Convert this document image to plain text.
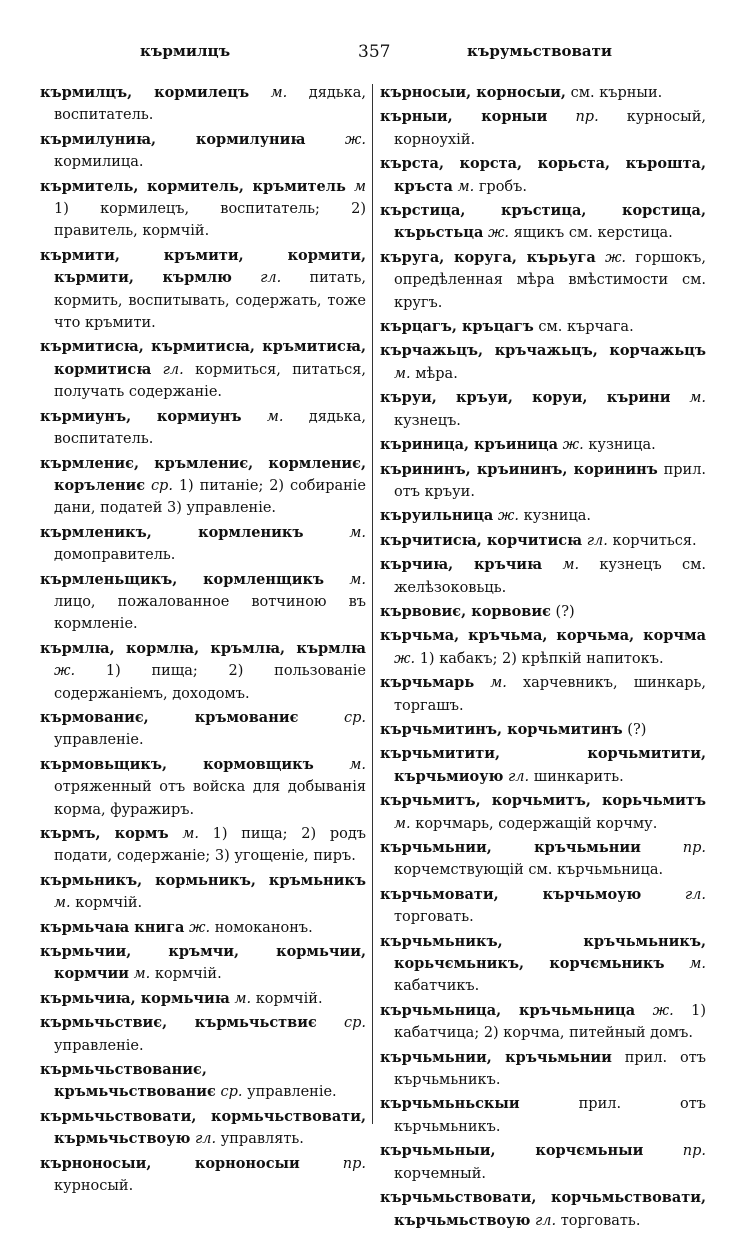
кърмилцъ	357	кърумьствовати
кърмилцъ, кормилецъ м. дядька, воспитатель.
кърмилуниꙗ, кормилуниꙗ	ж. кормилица.
кърмитель, кормитель, кръмитель м 1) кормилецъ, воспитатель; 2) правитель, кормчій.
кърмити, кръмити, кормити, кърмити, кърмлю гл. питать, кормить, воспитывать, содержать, тоже что кръмити.
кърмитисꙗ, кърмитисꙗ, кръмитисꙗ, кормитисꙗ гл. кормиться, питаться, получать содержаніе.
кърмиунъ, кормиунъ м. дядька, воспитатель.
кърмлениє, кръмлениє, кормлениє, корълениє ср. 1) питаніе; 2) собираніе дани, податей 3) управленіе.
кърмленикъ, кормленикъ	м. домоправитель.
кърмленьщикъ, кормленщикъ м. лицо, пожалованное вотчиною въ кормленіе.
кърмлꙗ, кормлꙗ, кръмлꙗ, кърмлꙗ ж. 1) пища; 2) пользованіе содержаніемъ, доходомъ.
кърмованиє, кръмованиє	ср. управленіе.
кърмовьщикъ, кормовщикъ м. отряженный отъ войска для добыванія корма, фуражиръ.
кърмъ, кормъ м. 1) пища; 2) родъ подати, содержаніе; 3) угощеніе, пиръ.
кърмьникъ, кормьникъ, кръмьникъ м. кормчій.
кърмьчаꙗ книга ж. номоканонъ.
кърмьчии, кръмчи, кормьчии, кормчии м. кормчій.
кърмьчиꙗ, кормьчиꙗ м. кормчій.
кърмьчьствиє, кърмьчьствиє ср. управленіе.
кърмьчьствованиє, кръмьчьствованиє ср. управленіе.
кърмьчьствовати, кормьчьствовати, кърмьчьствоую гл. управлять.
кърноносыи, корноносыи	пр. курносый.
кърносыи, корносыи, см. кърныи.
кърныи, корныи пр. курносый, корноухій.
кърста, корста, корьста, кърошта, кръста м. гробъ.
кърстица, кръстица, корстица, кърьстьца ж. ящикъ см. керстица.
къругa, коругa, кърьугa ж. горшокъ, опредѣленная мѣра вмѣстимости см. кругъ.
кърцагъ, кръцагъ см. кърчагa.
кърчажьцъ, кръчажьцъ, корчажьцъ м. мѣра.
къруи, кръуи, коруи, кърини м. кузнецъ.
къриница, кръиница ж. кузница.
кърининъ, кръининъ, корининъ прил. отъ кръуи.
къруильница ж. кузница.
кърчитисꙗ, корчитисꙗ гл. корчиться.
кърчиꙗ, кръчиꙗ м. кузнецъ см. желѣзоковьць.
кървовиє, корвовиє (?)
кърчьма, кръчьма, корчьма, корчма ж. 1) кабакъ; 2) крѣпкій напитокъ.
кърчьмарь м. харчевникъ, шинкарь, торгашъ.
кърчьмитинъ, корчьмитинъ (?)
кърчьмитити, корчьмитити, кърчьмиоую гл. шинкарить.
кърчьмитъ, корчьмитъ, корьчьмитъ м. корчмарь, содержащій корчму.
кърчьмьнии, кръчьмьнии	пр. корчемствующій см. кърчьмьница.
кърчьмовати, кърчьмоую	гл. торговать.
кърчьмьникъ, кръчьмьникъ, корьчємьникъ, корчємьникъ м. кабатчикъ.
кърчьмьница, кръчьмьница ж. 1) кабатчица; 2) корчма, питейный домъ.
кърчьмьнии, кръчьмьнии прил. отъ кърчьмьникъ.
кърчьмьньскыи	прил. отъ кърчьмьникъ.
кърчьмьныи, корчємьныи	пр. корчемный.
кърчьмьствовати, корчьмьствовати, кърчьмьствоую гл. торговать.
